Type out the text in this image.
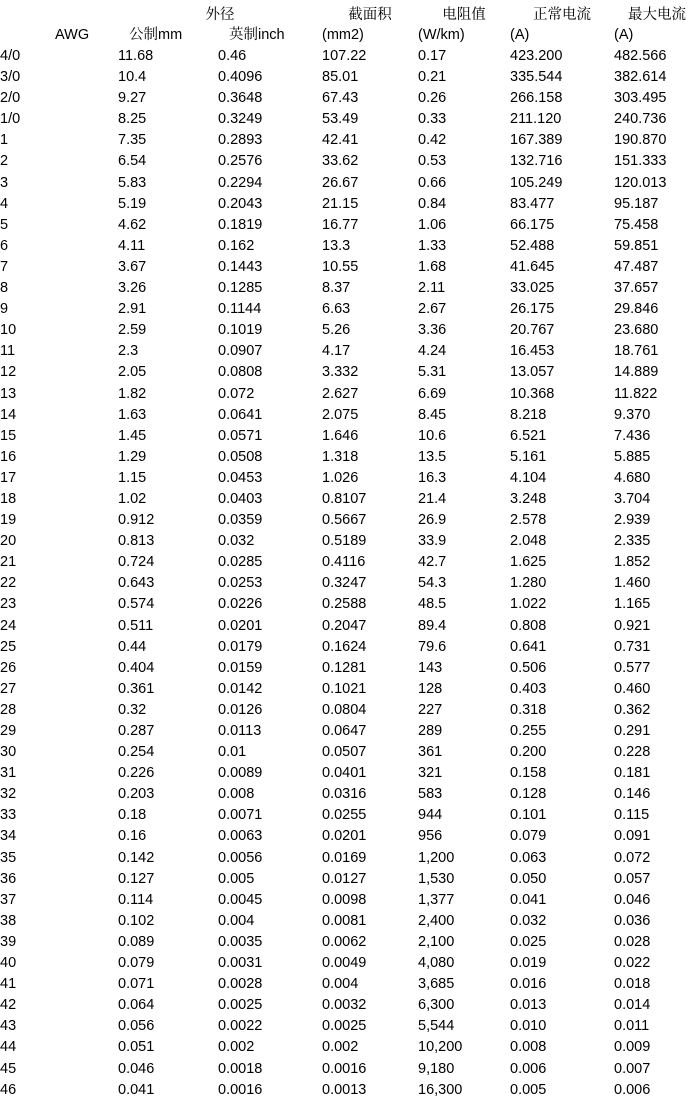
	外径		截面积	电阻值	正常电流	最大电流
AWG	公制mm	英制inch	(mm2)	(W/km)	(A)	(A)
4/0	11.68	0.46	107.22	0.17	423.200	482.566
3/0	10.4	0.4096	85.01	0.21	335.544	382.614
2/0	9.27	0.3648	67.43	0.26	266.158	303.495
1/0	8.25	0.3249	53.49	0.33	211.120	240.736
1	7.35	0.2893	42.41	0.42	167.389	190.870
2	6.54	0.2576	33.62	0.53	132.716	151.333
3	5.83	0.2294	26.67	0.66	105.249	120.013
4	5.19	0.2043	21.15	0.84	83.477	95.187
5	4.62	0.1819	16.77	1.06	66.175	75.458
6	4.11	0.162	13.3	1.33	52.488	59.851
7	3.67	0.1443	10.55	1.68	41.645	47.487
8	3.26	0.1285	8.37	2.11	33.025	37.657
9	2.91	0.1144	6.63	2.67	26.175	29.846
10	2.59	0.1019	5.26	3.36	20.767	23.680
11	2.3	0.0907	4.17	4.24	16.453	18.761
12	2.05	0.0808	3.332	5.31	13.057	14.889
13	1.82	0.072	2.627	6.69	10.368	11.822
14	1.63	0.0641	2.075	8.45	8.218	9.370
15	1.45	0.0571	1.646	10.6	6.521	7.436
16	1.29	0.0508	1.318	13.5	5.161	5.885
17	1.15	0.0453	1.026	16.3	4.104	4.680
18	1.02	0.0403	0.8107	21.4	3.248	3.704
19	0.912	0.0359	0.5667	26.9	2.578	2.939
20	0.813	0.032	0.5189	33.9	2.048	2.335
21	0.724	0.0285	0.4116	42.7	1.625	1.852
22	0.643	0.0253	0.3247	54.3	1.280	1.460
23	0.574	0.0226	0.2588	48.5	1.022	1.165
24	0.511	0.0201	0.2047	89.4	0.808	0.921
25	0.44	0.0179	0.1624	79.6	0.641	0.731
26	0.404	0.0159	0.1281	143	0.506	0.577
27	0.361	0.0142	0.1021	128	0.403	0.460
28	0.32	0.0126	0.0804	227	0.318	0.362
29	0.287	0.0113	0.0647	289	0.255	0.291
30	0.254	0.01	0.0507	361	0.200	0.228
31	0.226	0.0089	0.0401	321	0.158	0.181
32	0.203	0.008	0.0316	583	0.128	0.146
33	0.18	0.0071	0.0255	944	0.101	0.115
34	0.16	0.0063	0.0201	956	0.079	0.091
35	0.142	0.0056	0.0169	1,200	0.063	0.072
36	0.127	0.005	0.0127	1,530	0.050	0.057
37	0.114	0.0045	0.0098	1,377	0.041	0.046
38	0.102	0.004	0.0081	2,400	0.032	0.036
39	0.089	0.0035	0.0062	2,100	0.025	0.028
40	0.079	0.0031	0.0049	4,080	0.019	0.022
41	0.071	0.0028	0.004	3,685	0.016	0.018
42	0.064	0.0025	0.0032	6,300	0.013	0.014
43	0.056	0.0022	0.0025	5,544	0.010	0.011
44	0.051	0.002	0.002	10,200	0.008	0.009
45	0.046	0.0018	0.0016	9,180	0.006	0.007
46	0.041	0.0016	0.0013	16,300	0.005	0.006
